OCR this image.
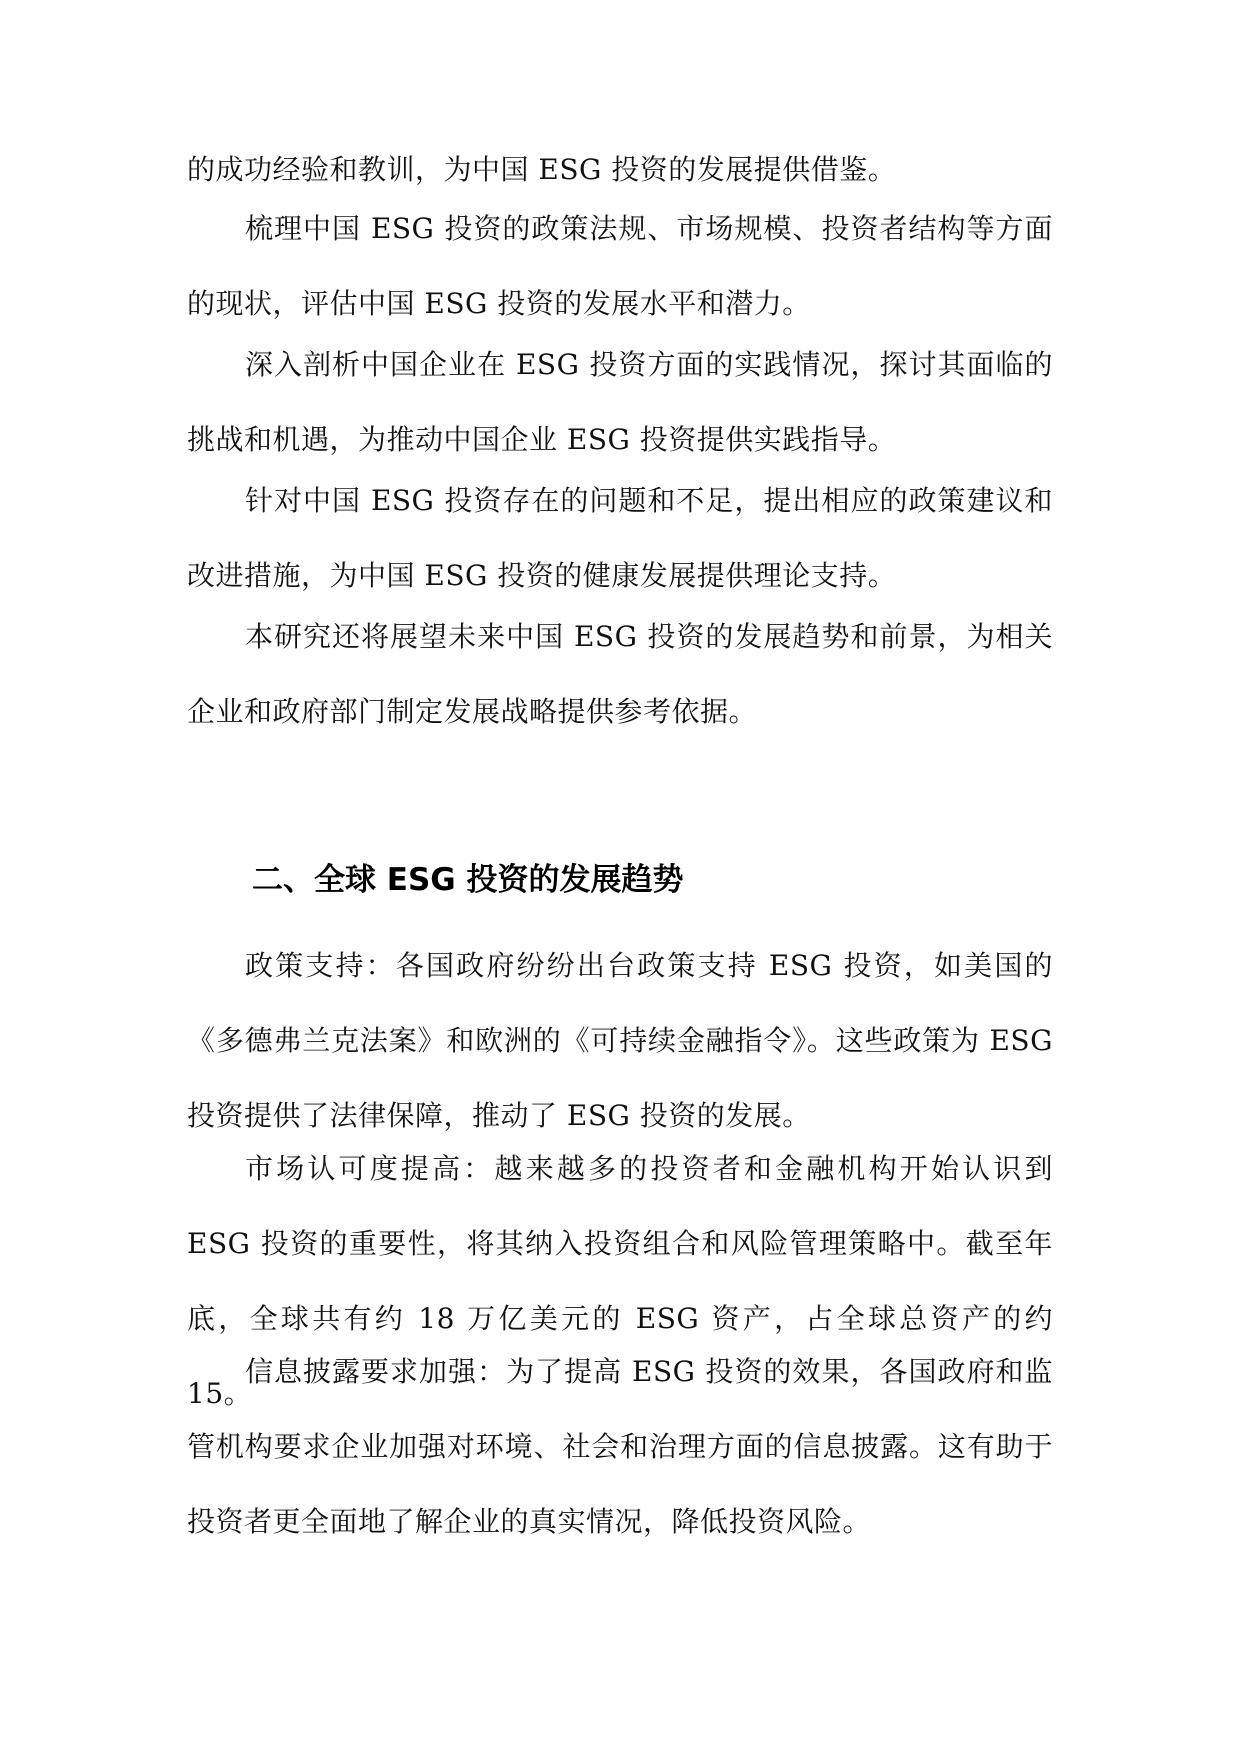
的成功经验和教训，为中国 ESG 投资的发展提供借鉴。

梳理中国 ESG 投资的政策法规、市场规模、投资者结构等方面的现状，评估中国 ESG 投资的发展水平和潜力。

深入剖析中国企业在 ESG 投资方面的实践情况，探讨其面临的挑战和机遇，为推动中国企业 ESG 投资提供实践指导。

针对中国 ESG 投资存在的问题和不足，提出相应的政策建议和改进措施，为中国 ESG 投资的健康发展提供理论支持。

本研究还将展望未来中国 ESG 投资的发展趋势和前景，为相关企业和政府部门制定发展战略提供参考依据。

二、全球 ESG 投资的发展趋势

政策支持：各国政府纷纷出台政策支持 ESG 投资，如美国的《多德弗兰克法案》和欧洲的《可持续金融指令》。这些政策为 ESG 投资提供了法律保障，推动了 ESG 投资的发展。

市场认可度提高：越来越多的投资者和金融机构开始认识到 ESG 投资的重要性，将其纳入投资组合和风险管理策略中。截至年底，全球共有约 18 万亿美元的 ESG 资产，占全球总资产的约 15。

信息披露要求加强：为了提高 ESG 投资的效果，各国政府和监管机构要求企业加强对环境、社会和治理方面的信息披露。这有助于投资者更全面地了解企业的真实情况，降低投资风险。
